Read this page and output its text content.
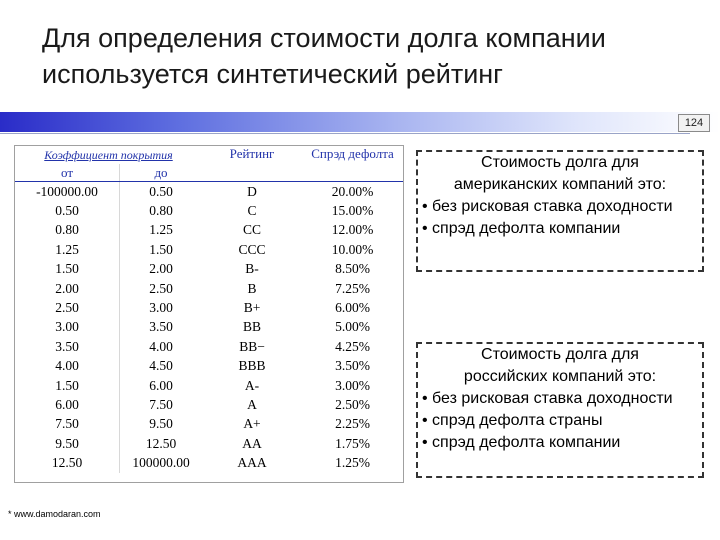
Для определения стоимости долга компании
используется синтетический рейтинг
124
Коэффициент покрытия		Рейтинг	Спрэд дефолта
от	до		
-100000.00	0.50	D	20.00%
0.50	0.80	C	15.00%
0.80	1.25	CC	12.00%
1.25	1.50	CCC	10.00%
1.50	2.00	B-	8.50%
2.00	2.50	B	7.25%
2.50	3.00	B+	6.00%
3.00	3.50	BB	5.00%
3.50	4.00	BB−	4.25%
4.00	4.50	BBB	3.50%
1.50	6.00	A-	3.00%
6.00	7.50	A	2.50%
7.50	9.50	A+	2.25%
9.50	12.50	AA	1.75%
12.50	100000.00	AAA	1.25%
Стоимость долга для
американских компаний это:
• без рисковая ставка доходности
• спрэд дефолта компании
Стоимость долга для
российских компаний это:
• без рисковая ставка доходности
• спрэд дефолта страны
• спрэд дефолта компании
* www.damodaran.com
